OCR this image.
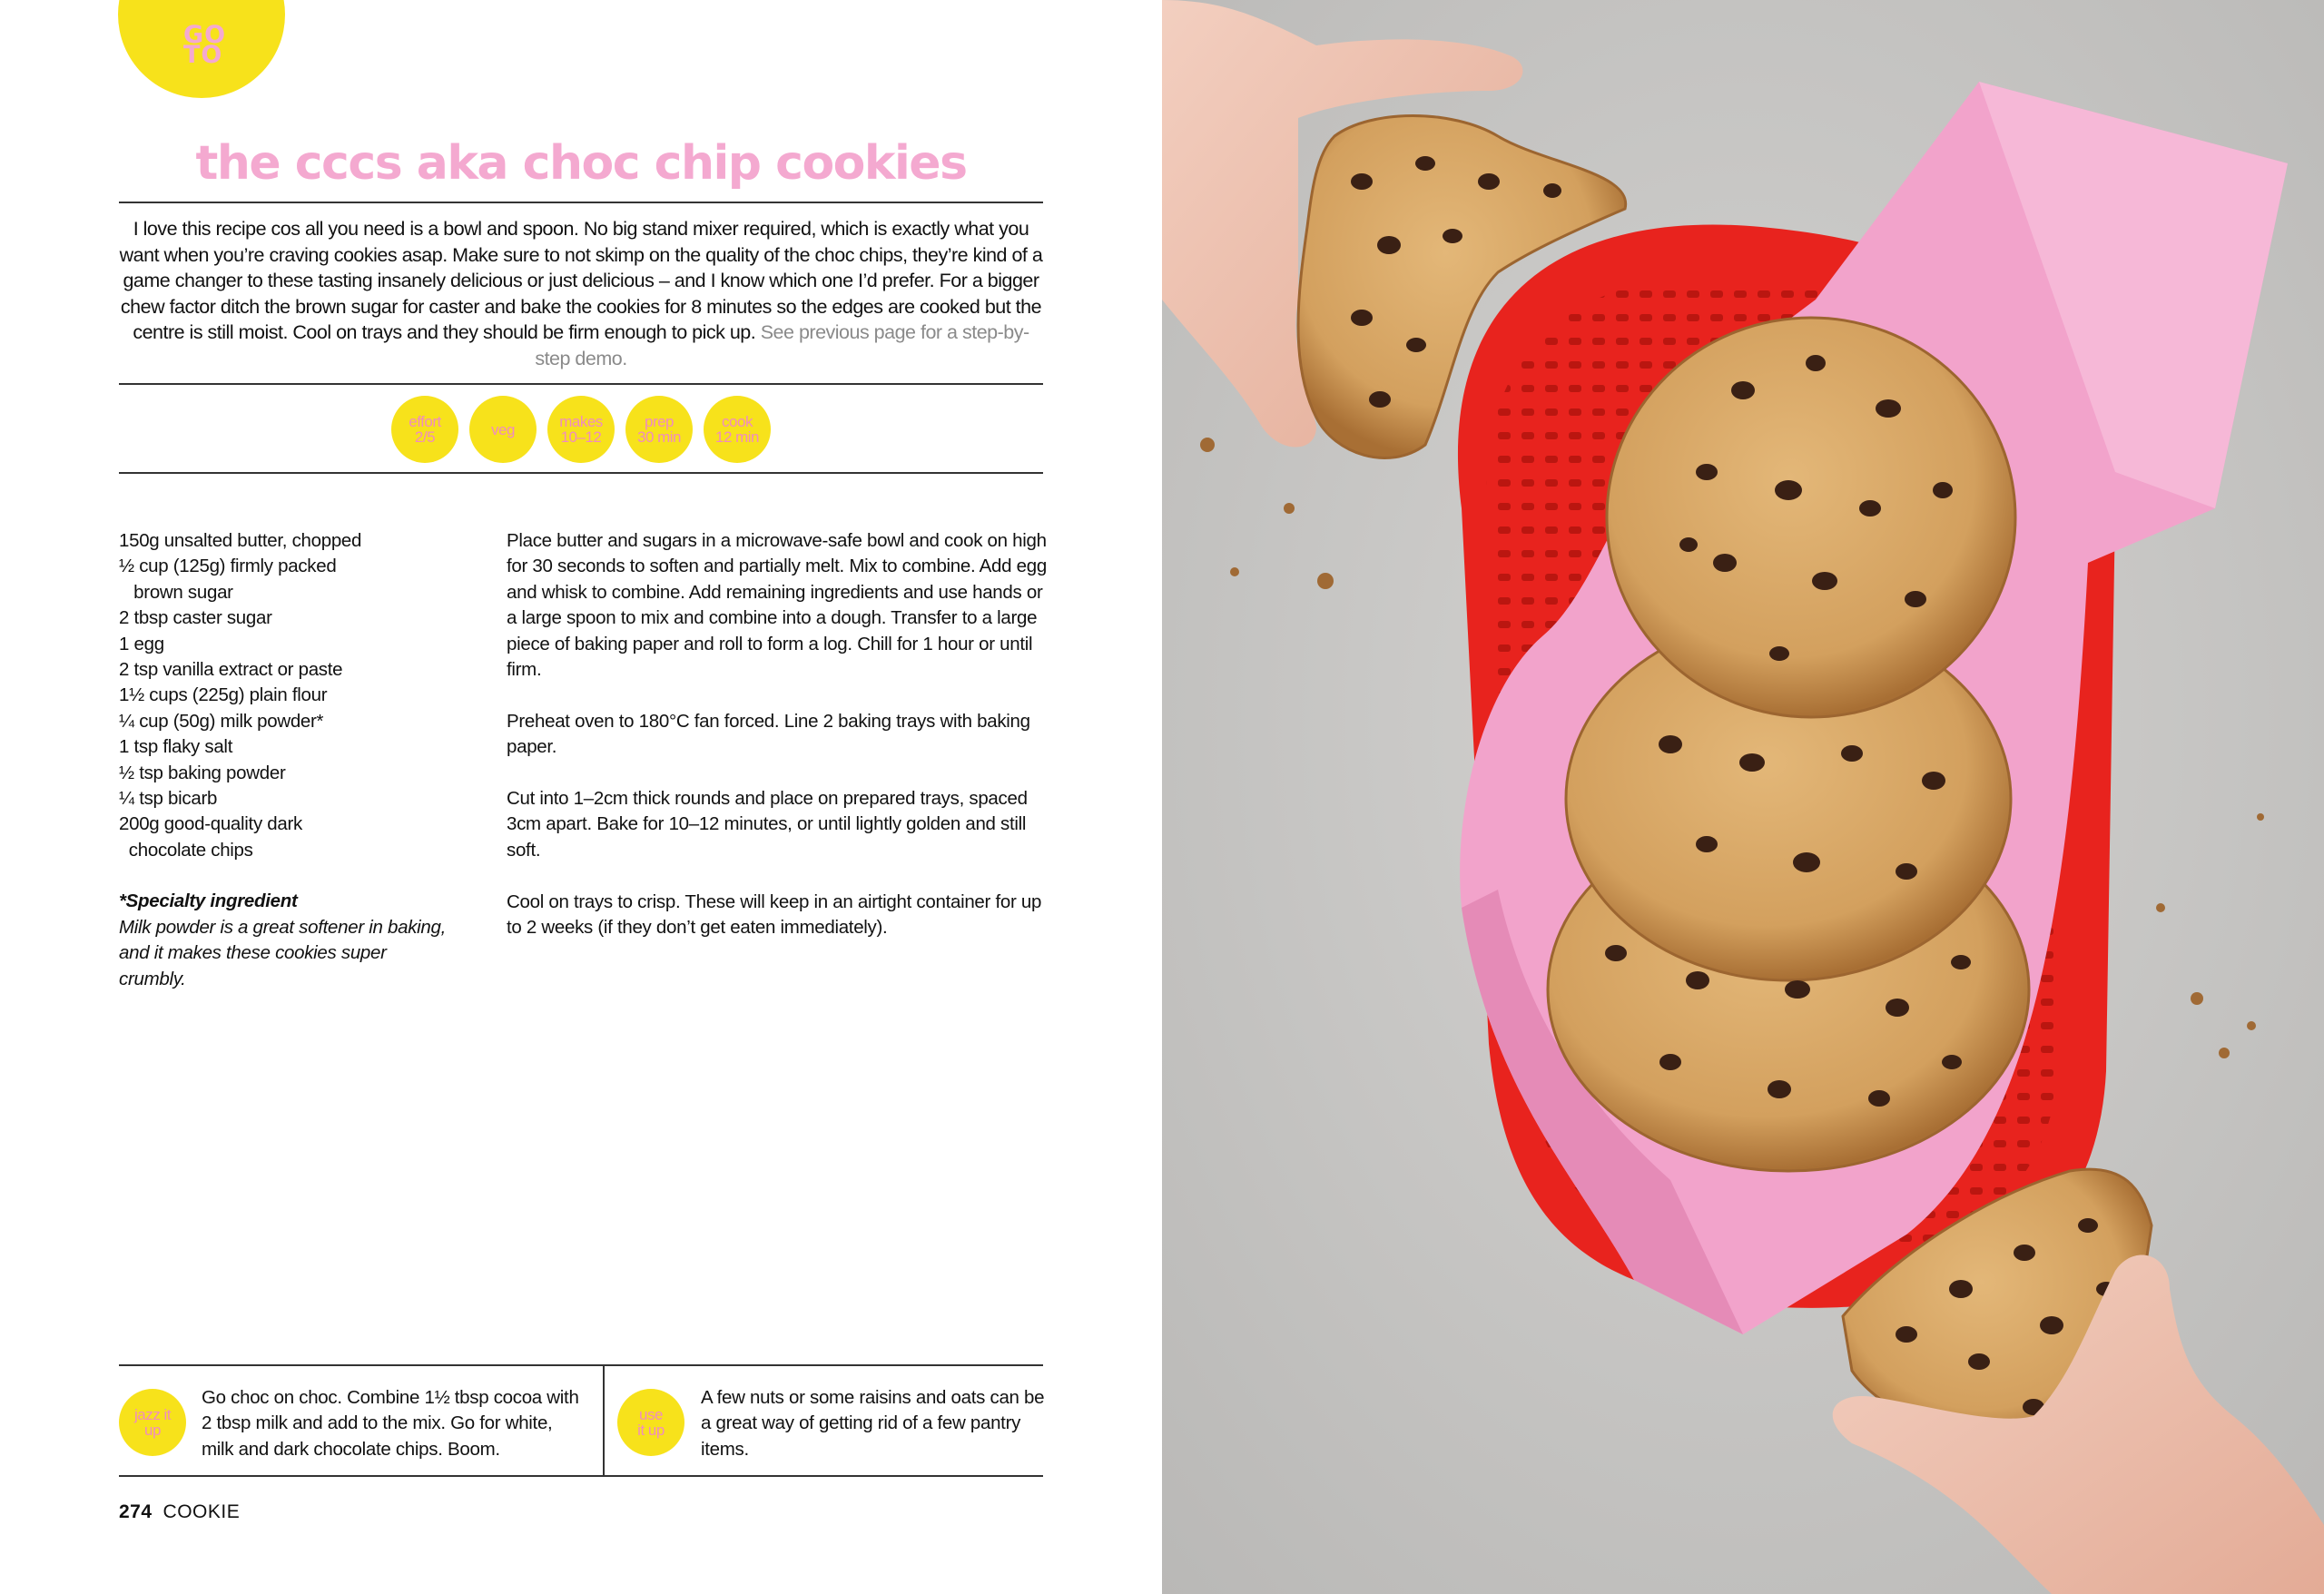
GO TO
the cccs aka choc chip cookies
I love this recipe cos all you need is a bowl and spoon. No big stand mixer required, which is exactly what you want when you’re craving cookies asap. Make sure to not skimp on the quality of the choc chips, they’re kind of a game changer to these tasting insanely delicious or just delicious – and I know which one I’d prefer. For a bigger chew factor ditch the brown sugar for caster and bake the cookies for 8 minutes so the edges are cooked but the centre is still moist. Cool on trays and they should be firm enough to pick up. See previous page for a step-by-step demo.
effort
2/5	veg	makes
10–12
prep
30 min
cook
12 min
150g unsalted butter, chopped
½ cup (125g) firmly packed
brown sugar
2 tbsp caster sugar
1 egg
2 tsp vanilla extract or paste
1½ cups (225g) plain flour
¼ cup (50g) milk powder*
1 tsp flaky salt
½ tsp baking powder
¼ tsp bicarb
200g good-quality dark
chocolate chips
*Specialty ingredient
Milk powder is a great softener in baking, and it makes these cookies super crumbly.

Place butter and sugars in a microwave-safe bowl and cook on high for 30 seconds to soften and partially melt. Mix to combine. Add egg and whisk to combine. Add remaining ingredients and use hands or a large spoon to mix and combine into a dough. Transfer to a large piece of baking paper and roll to form a log. Chill for 1 hour or until firm.

Preheat oven to 180°C fan forced. Line 2 baking trays with baking paper.

Cut into 1–2cm thick rounds and place on prepared trays, spaced 3cm apart. Bake for 10–12 minutes, or until lightly golden and still soft.

Cool on trays to crisp. These will keep in an airtight container for up to 2 weeks (if they don’t get eaten immediately).

jazz it
up
Go choc on choc. Combine 1½ tbsp cocoa with 2 tbsp milk and add to the mix. Go for white, milk and dark chocolate chips. Boom.
use
it up
A few nuts or some raisins and oats can be a great way of getting rid of a few pantry items.
274 COOKIE
